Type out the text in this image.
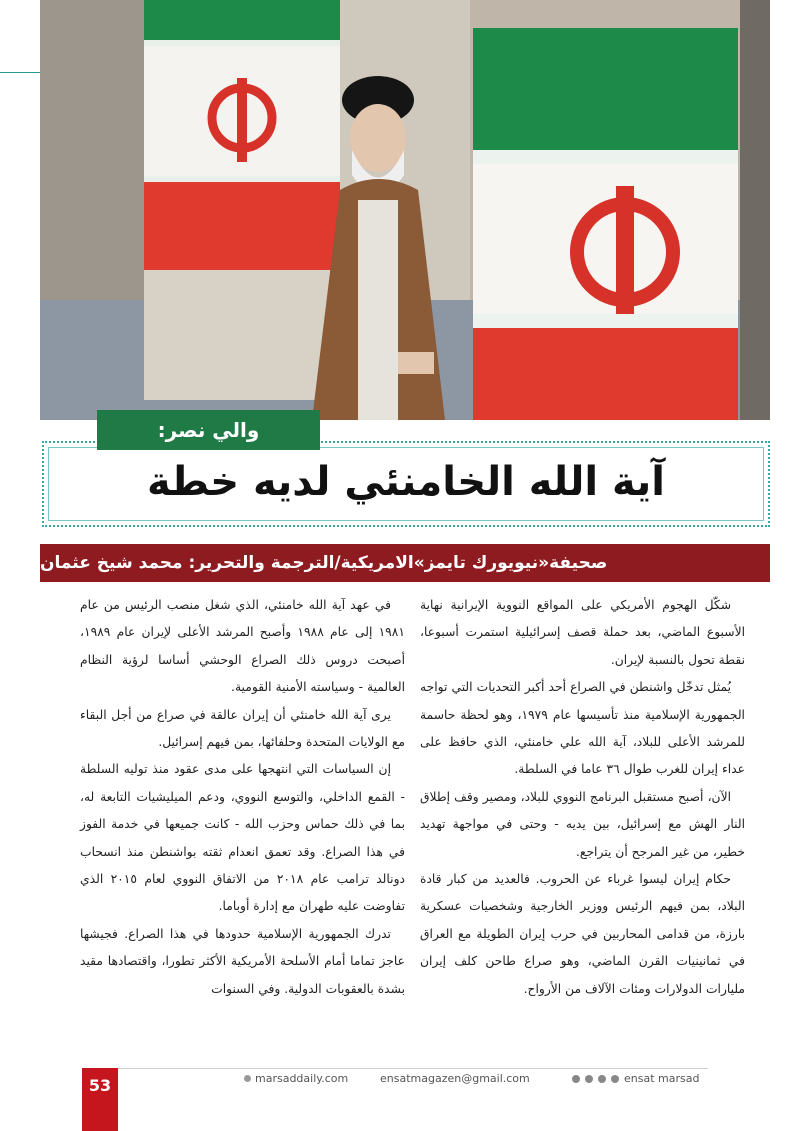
آية الله الخامنئي لديه خطة
والي نصر:
صحيفة«نيويورك تايمز»الامريكية/الترجمة والتحرير: محمد شيخ عثمان

شكّل الهجوم الأمريكي على المواقع النووية الإيرانية نهاية الأسبوع الماضي، بعد حملة قصف إسرائيلية استمرت أسبوعا، نقطة تحول بالنسبة لإيران.

يُمثل تدخّل واشنطن في الصراع أحد أكبر التحديات التي تواجه الجمهورية الإسلامية منذ تأسيسها عام ١٩٧٩، وهو لحظة حاسمة للمرشد الأعلى للبلاد، آية الله علي خامنئي، الذي حافظ على عداء إيران للغرب طوال ٣٦ عاما في السلطة.

الآن، أصبح مستقبل البرنامج النووي للبلاد، ومصير وقف إطلاق النار الهش مع إسرائيل، بين يديه - وحتى في مواجهة تهديد خطير، من غير المرجح أن يتراجع.

حكام إيران ليسوا غرباء عن الحروب. فالعديد من كبار قادة البلاد، بمن فيهم الرئيس ووزير الخارجية وشخصيات عسكرية بارزة، من قدامى المحاربين في حرب إيران الطويلة مع العراق في ثمانينيات القرن الماضي، وهو صراع طاحن كلف إيران مليارات الدولارات ومئات الآلاف من الأرواح.

في عهد آية الله خامنئي، الذي شغل منصب الرئيس من عام ١٩٨١ إلى عام ١٩٨٨ وأصبح المرشد الأعلى لإيران عام ١٩٨٩، أصبحت دروس ذلك الصراع الوحشي أساسا لرؤية النظام العالمية - وسياسته الأمنية القومية.

يرى آية الله خامنئي أن إيران عالقة في صراع من أجل البقاء مع الولايات المتحدة وحلفائها، بمن فيهم إسرائيل.

إن السياسات التي انتهجها على مدى عقود منذ توليه السلطة - القمع الداخلي، والتوسع النووي، ودعم الميليشيات التابعة له، بما في ذلك حماس وحزب الله - كانت جميعها في خدمة الفوز في هذا الصراع. وقد تعمق انعدام ثقته بواشنطن منذ انسحاب دونالد ترامب عام ٢٠١٨ من الاتفاق النووي لعام ٢٠١٥ الذي تفاوضت عليه طهران مع إدارة أوباما.

تدرك الجمهورية الإسلامية حدودها في هذا الصراع. فجيشها عاجز تماما أمام الأسلحة الأمريكية الأكثر تطورا، واقتصادها مقيد بشدة بالعقوبات الدولية. وفي السنوات

53	marsaddaily.com	ensatmagazen@gmail.com	ensat marsad
